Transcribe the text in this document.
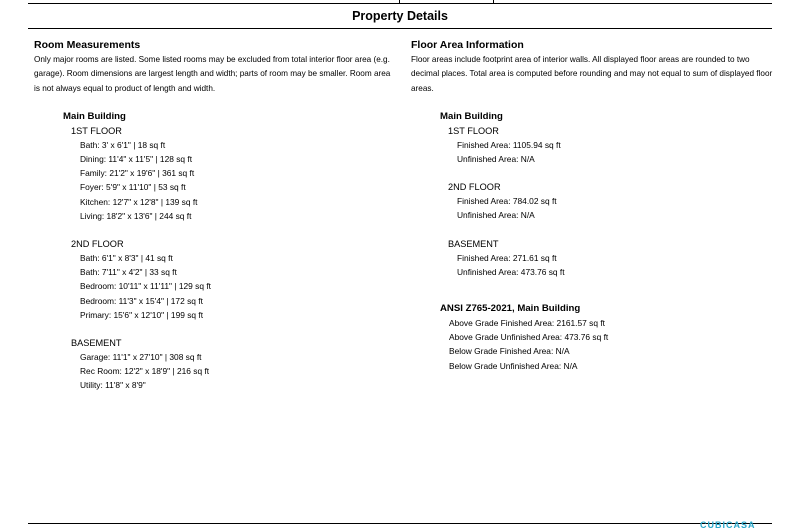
Property Details
Room Measurements
Only major rooms are listed. Some listed rooms may be excluded from total interior floor area (e.g. garage). Room dimensions are largest length and width; parts of room may be smaller. Room area is not always equal to product of length and width.
Main Building
1ST FLOOR
Bath: 3' x 6'1" | 18 sq ft
Dining: 11'4" x 11'5" | 128 sq ft
Family: 21'2" x 19'6" | 361 sq ft
Foyer: 5'9" x 11'10" | 53 sq ft
Kitchen: 12'7" x 12'8" | 139 sq ft
Living: 18'2" x 13'6" | 244 sq ft
2ND FLOOR
Bath: 6'1" x 8'3" | 41 sq ft
Bath: 7'11" x 4'2" | 33 sq ft
Bedroom: 10'11" x 11'11" | 129 sq ft
Bedroom: 11'3" x 15'4" | 172 sq ft
Primary: 15'6" x 12'10" | 199 sq ft
BASEMENT
Garage: 11'1" x 27'10" | 308 sq ft
Rec Room: 12'2" x 18'9" | 216 sq ft
Utility: 11'8" x 8'9"
Floor Area Information
Floor areas include footprint area of interior walls. All displayed floor areas are rounded to two decimal places. Total area is computed before rounding and may not equal to sum of displayed floor areas.
Main Building
1ST FLOOR
Finished Area: 1105.94 sq ft
Unfinished Area: N/A
2ND FLOOR
Finished Area: 784.02 sq ft
Unfinished Area: N/A
BASEMENT
Finished Area: 271.61 sq ft
Unfinished Area: 473.76 sq ft
ANSI Z765-2021, Main Building
Above Grade Finished Area: 2161.57 sq ft
Above Grade Unfinished Area: 473.76 sq ft
Below Grade Finished Area: N/A
Below Grade Unfinished Area: N/A
CUBICASA
